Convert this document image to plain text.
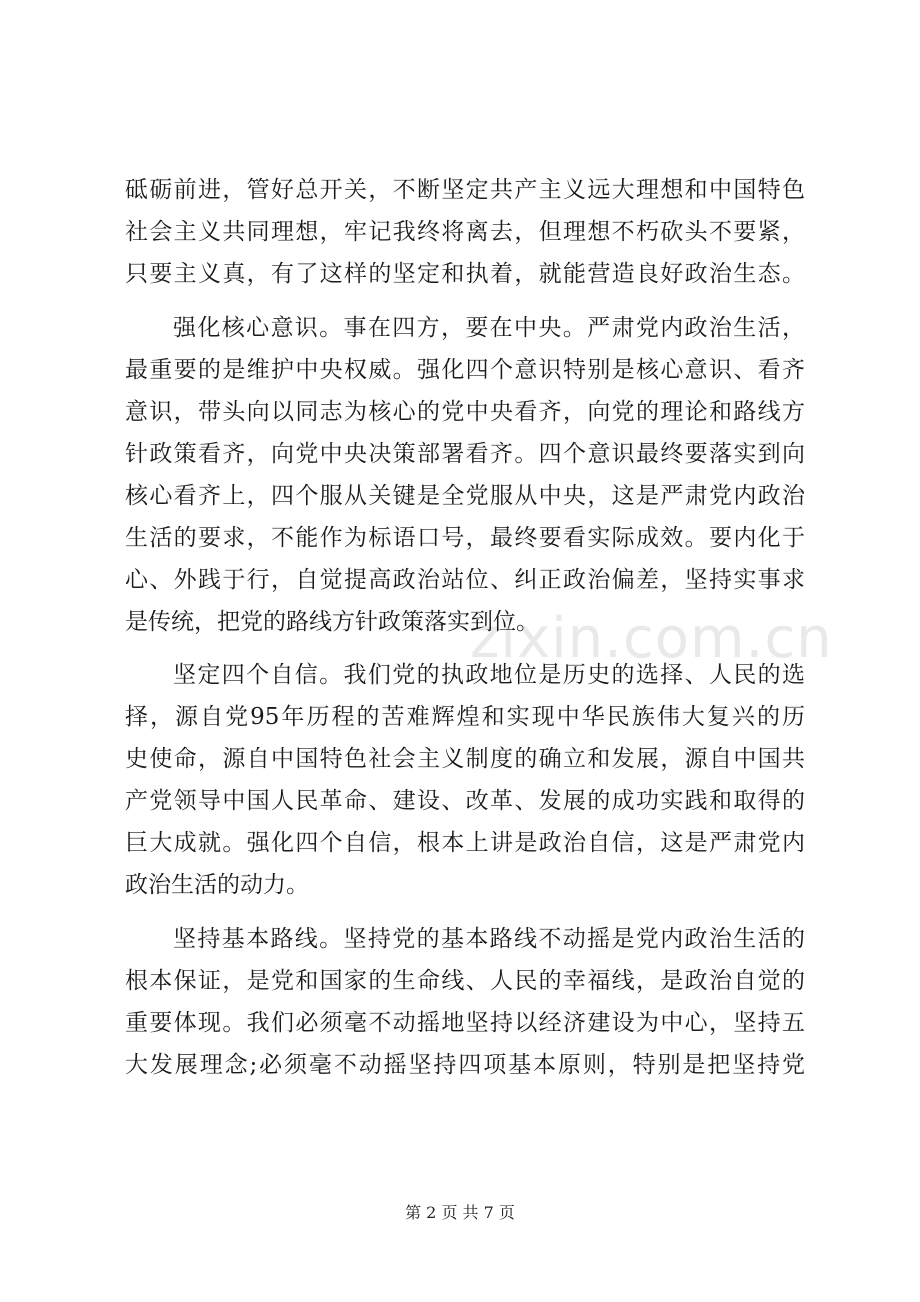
zixin.com.cn
砥砺前进，管好总开关，不断坚定共产主义远大理想和中国特色
社会主义共同理想，牢记我终将离去，但理想不朽砍头不要紧，
只要主义真，有了这样的坚定和执着，就能营造良好政治生态。
强化核心意识。事在四方，要在中央。严肃党内政治生活，
最重要的是维护中央权威。强化四个意识特别是核心意识、看齐
意识，带头向以同志为核心的党中央看齐，向党的理论和路线方
针政策看齐，向党中央决策部署看齐。四个意识最终要落实到向
核心看齐上，四个服从关键是全党服从中央，这是严肃党内政治
生活的要求，不能作为标语口号，最终要看实际成效。要内化于
心、外践于行，自觉提高政治站位、纠正政治偏差，坚持实事求
是传统，把党的路线方针政策落实到位。
坚定四个自信。我们党的执政地位是历史的选择、人民的选
择，源自党95年历程的苦难辉煌和实现中华民族伟大复兴的历
史使命，源自中国特色社会主义制度的确立和发展，源自中国共
产党领导中国人民革命、建设、改革、发展的成功实践和取得的
巨大成就。强化四个自信，根本上讲是政治自信，这是严肃党内
政治生活的动力。
坚持基本路线。坚持党的基本路线不动摇是党内政治生活的
根本保证，是党和国家的生命线、人民的幸福线，是政治自觉的
重要体现。我们必须毫不动摇地坚持以经济建设为中心，坚持五
大发展理念;必须毫不动摇坚持四项基本原则，特别是把坚持党
第 2 页 共 7 页
